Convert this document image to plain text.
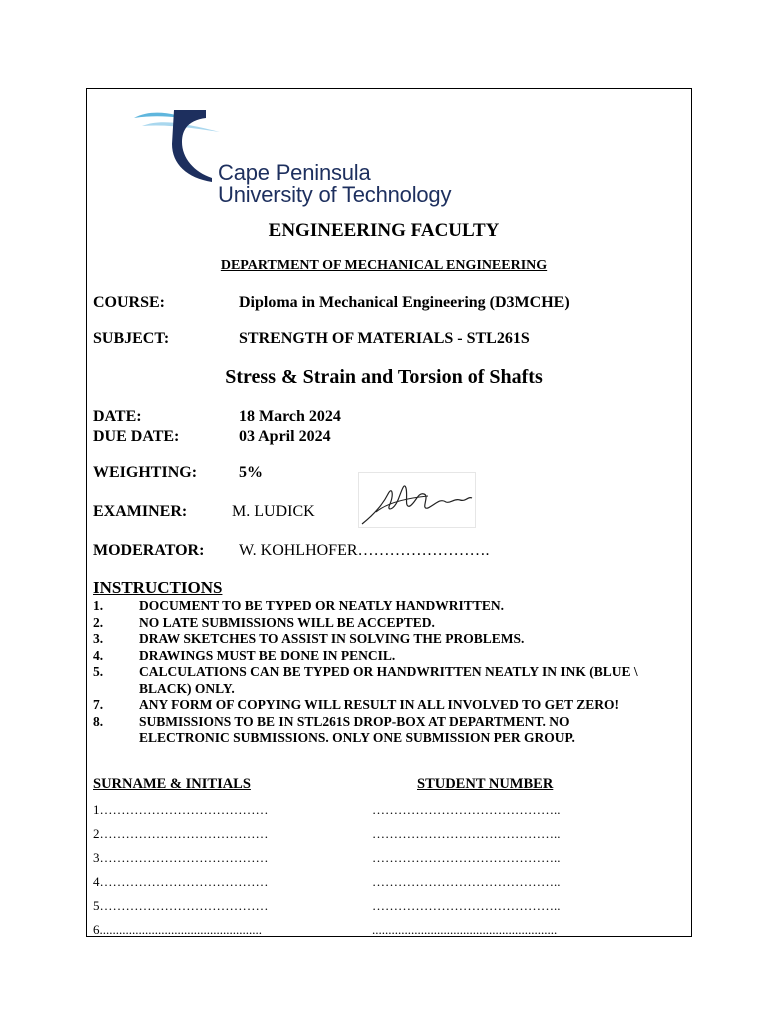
Cape Peninsula
University of Technology
ENGINEERING FACULTY
DEPARTMENT OF MECHANICAL ENGINEERING
COURSE:	Diploma in Mechanical Engineering (D3MCHE)
SUBJECT:	STRENGTH OF MATERIALS - STL261S
Stress & Strain and Torsion of Shafts
DATE:	18 March 2024
DUE DATE:	03 April 2024
WEIGHTING:	5%
EXAMINER:	M. LUDICK
MODERATOR: W. KOHLHOFER…………………….
INSTRUCTIONS
1.	DOCUMENT TO BE TYPED OR NEATLY HANDWRITTEN.
2.	NO LATE SUBMISSIONS WILL BE ACCEPTED.
3.	DRAW SKETCHES TO ASSIST IN SOLVING THE PROBLEMS.
4.	DRAWINGS MUST BE DONE IN PENCIL.
5.	CALCULATIONS CAN BE TYPED OR HANDWRITTEN NEATLY IN INK (BLUE \ BLACK) ONLY.
7.	ANY FORM OF COPYING WILL RESULT IN ALL INVOLVED TO GET ZERO!
8.	SUBMISSIONS TO BE IN STL261S DROP-BOX AT DEPARTMENT. NO ELECTRONIC SUBMISSIONS. ONLY ONE SUBMISSION PER GROUP.
SURNAME & INITIALS	STUDENT NUMBER
1…………………………………	……………………………………..
2…………………………………	……………………………………..
3…………………………………	……………………………………..
4…………………………………	……………………………………..
5…………………………………	……………………………………..
6..................................................	.........................................................
